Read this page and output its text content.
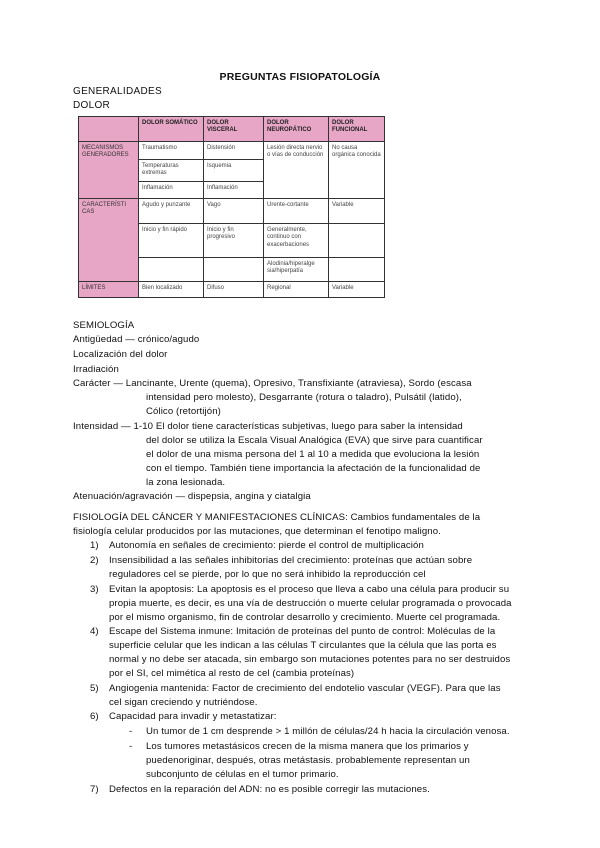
PREGUNTAS FISIOPATOLOGÍA
GENERALIDADES
DOLOR
	DOLOR SOMÁTICO	DOLOR VISCERAL	DOLOR NEUROPÁTICO	DOLOR FUNCIONAL
MECANISMOS GENERADORES	Traumatismo	Distensión	Lesión directa nervio o vías de conducción	No causa orgánica conocida
	Temperaturas extremas	Isquemia		
	Inflamación	Inflamación		
CARACTERÍSTI CAS	Agudo y punzante	Vago	Urente-cortante	Variable
	Inicio y fin rápido	Inicio y fin progresivo	Generalmente, continuo con exacerbaciones	
			Alodinia/hiperalge sia/hiperpatía	
LÍMITES	Bien localizado	Difuso	Regional	Variable
SEMIOLOGÍA
Antigüedad — crónico/agudo
Localización del dolor
Irradiación
Carácter — Lancinante, Urente (quema), Opresivo, Transfixiante (atraviesa), Sordo (escasa
intensidad pero molesto), Desgarrante (rotura o taladro), Pulsátil (latido),
Cólico (retortijón)
Intensidad — 1-10 El dolor tiene características subjetivas, luego para saber la intensidad
del dolor se utiliza la Escala Visual Analógica (EVA) que sirve para cuantificar
el dolor de una misma persona del 1 al 10 a medida que evoluciona la lesión
con el tiempo. También tiene importancia la afectación de la funcionalidad de
la zona lesionada.
Atenuación/agravación — dispepsia, angina y ciatalgia
FISIOLOGÍA DEL CÁNCER Y MANIFESTACIONES CLÍNICAS: Cambios fundamentales de la
fisiología celular producidos por las mutaciones, que determinan el fenotipo maligno.
1) Autonomía en señales de crecimiento: pierde el control de multiplicación
2) Insensibilidad a las señales inhibitorias del crecimiento: proteínas que actúan sobre
reguladores cel se pierde, por lo que no será inhibido la reproducción cel
3) Evitan la apoptosis: La apoptosis es el proceso que lleva a cabo una célula para producir su
propia muerte, es decir, es una vía de destrucción o muerte celular programada o provocada
por el mismo organismo, fin de controlar desarrollo y crecimiento. Muerte cel programada.
4) Escape del Sistema inmune: Imitación de proteínas del punto de control: Moléculas de la
superficie celular que les indican a las células T circulantes que la célula que las porta es
normal y no debe ser atacada, sin embargo son mutaciones potentes para no ser destruidos
por el SI, cel mimética al resto de cel (cambia proteínas)
5) Angiogenia mantenida: Factor de crecimiento del endotelio vascular (VEGF). Para que las
cel sigan creciendo y nutriéndose.
6) Capacidad para invadir y metastatizar:
- Un tumor de 1 cm desprende > 1 millón de células/24 h hacia la circulación venosa.
- Los tumores metastásicos crecen de la misma manera que los primarios y
puedenoriginar, después, otras metástasis. probablemente representan un
subconjunto de células en el tumor primario.
7) Defectos en la reparación del ADN: no es posible corregir las mutaciones.
